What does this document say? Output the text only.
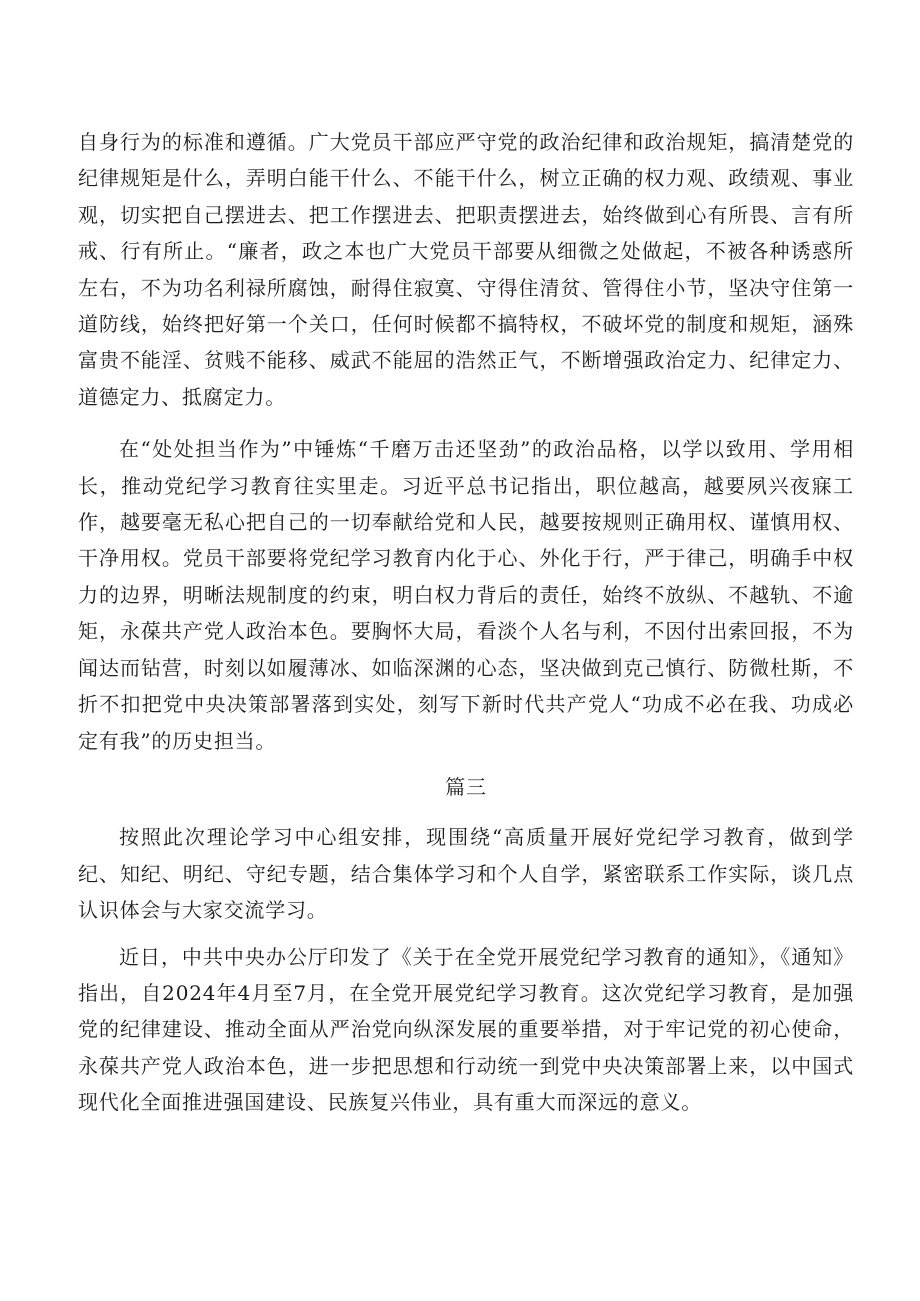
自身行为的标准和遵循。广大党员干部应严守党的政治纪律和政治规矩，搞清楚党的纪律规矩是什么，弄明白能干什么、不能干什么，树立正确的权力观、政绩观、事业观，切实把自己摆进去、把工作摆进去、把职责摆进去，始终做到心有所畏、言有所戒、行有所止。“廉者，政之本也广大党员干部要从细微之处做起，不被各种诱惑所左右，不为功名利禄所腐蚀，耐得住寂寞、守得住清贫、管得住小节，坚决守住第一道防线，始终把好第一个关口，任何时候都不搞特权，不破坏党的制度和规矩，涵殊富贵不能淫、贫贱不能移、威武不能屈的浩然正气，不断增强政治定力、纪律定力、道德定力、抵腐定力。

在“处处担当作为”中锤炼“千磨万击还坚劲”的政治品格，以学以致用、学用相长，推动党纪学习教育往实里走。习近平总书记指出，职位越高，越要夙兴夜寐工作，越要毫无私心把自己的一切奉献给党和人民，越要按规则正确用权、谨慎用权、干净用权。党员干部要将党纪学习教育内化于心、外化于行，严于律己，明确手中权力的边界，明晰法规制度的约束，明白权力背后的责任，始终不放纵、不越轨、不逾矩，永葆共产党人政治本色。要胸怀大局，看淡个人名与利，不因付出索回报，不为闻达而钻营，时刻以如履薄冰、如临深渊的心态，坚决做到克己慎行、防微杜斯，不折不扣把党中央决策部署落到实处，刻写下新时代共产党人“功成不必在我、功成必定有我”的历史担当。

篇三

按照此次理论学习中心组安排，现围绕“高质量开展好党纪学习教育，做到学纪、知纪、明纪、守纪专题，结合集体学习和个人自学，紧密联系工作实际，谈几点认识体会与大家交流学习。

近日，中共中央办公厅印发了《关于在全党开展党纪学习教育的通知》，《通知》指出，自2024年4月至7月，在全党开展党纪学习教育。这次党纪学习教育，是加强党的纪律建设、推动全面从严治党向纵深发展的重要举措，对于牢记党的初心使命，永葆共产党人政治本色，进一步把思想和行动统一到党中央决策部署上来，以中国式现代化全面推进强国建设、民族复兴伟业，具有重大而深远的意义。
